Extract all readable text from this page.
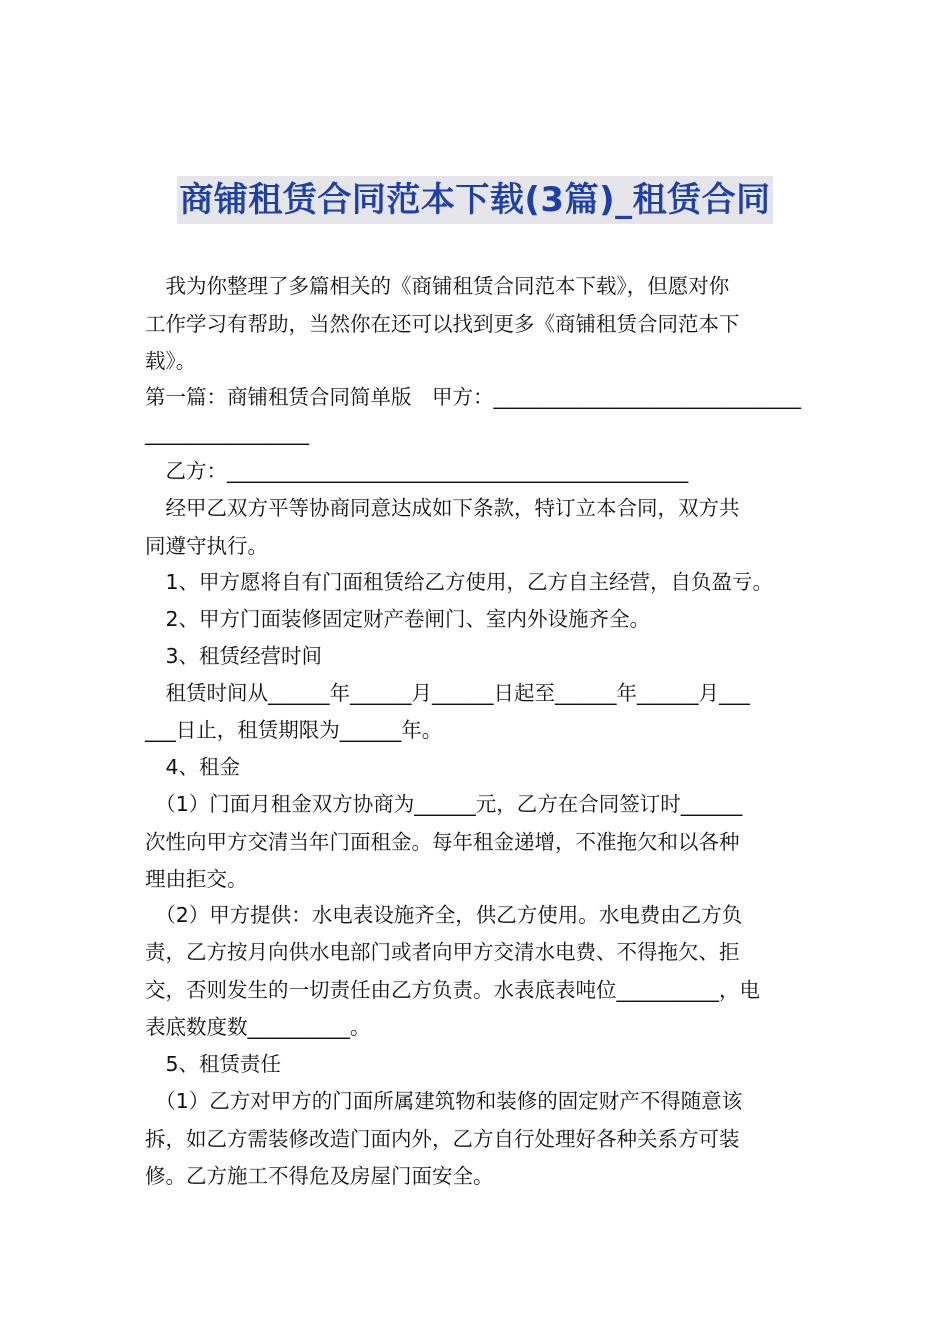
商铺租赁合同范本下载(3篇)_租赁合同
　我为你整理了多篇相关的《商铺租赁合同范本下载》，但愿对你
工作学习有帮助，当然你在还可以找到更多《商铺租赁合同范本下
载》。
第一篇：商铺租赁合同简单版　甲方：______________________________
________________
　乙方：_____________________________________________
　经甲乙双方平等协商同意达成如下条款，特订立本合同，双方共
同遵守执行。
　1、甲方愿将自有门面租赁给乙方使用，乙方自主经营，自负盈亏。
　2、甲方门面装修固定财产卷闸门、室内外设施齐全。
　3、租赁经营时间
　租赁时间从______年______月______日起至______年______月___
___日止，租赁期限为______年。
　4、租金
　（1）门面月租金双方协商为______元，乙方在合同签订时______
次性向甲方交清当年门面租金。每年租金递增，不准拖欠和以各种
理由拒交。
　（2）甲方提供：水电表设施齐全，供乙方使用。水电费由乙方负
责，乙方按月向供水电部门或者向甲方交清水电费、不得拖欠、拒
交，否则发生的一切责任由乙方负责。水表底表吨位__________，电
表底数度数__________。
　5、租赁责任
　（1）乙方对甲方的门面所属建筑物和装修的固定财产不得随意该
拆，如乙方需装修改造门面内外，乙方自行处理好各种关系方可装
修。乙方施工不得危及房屋门面安全。
